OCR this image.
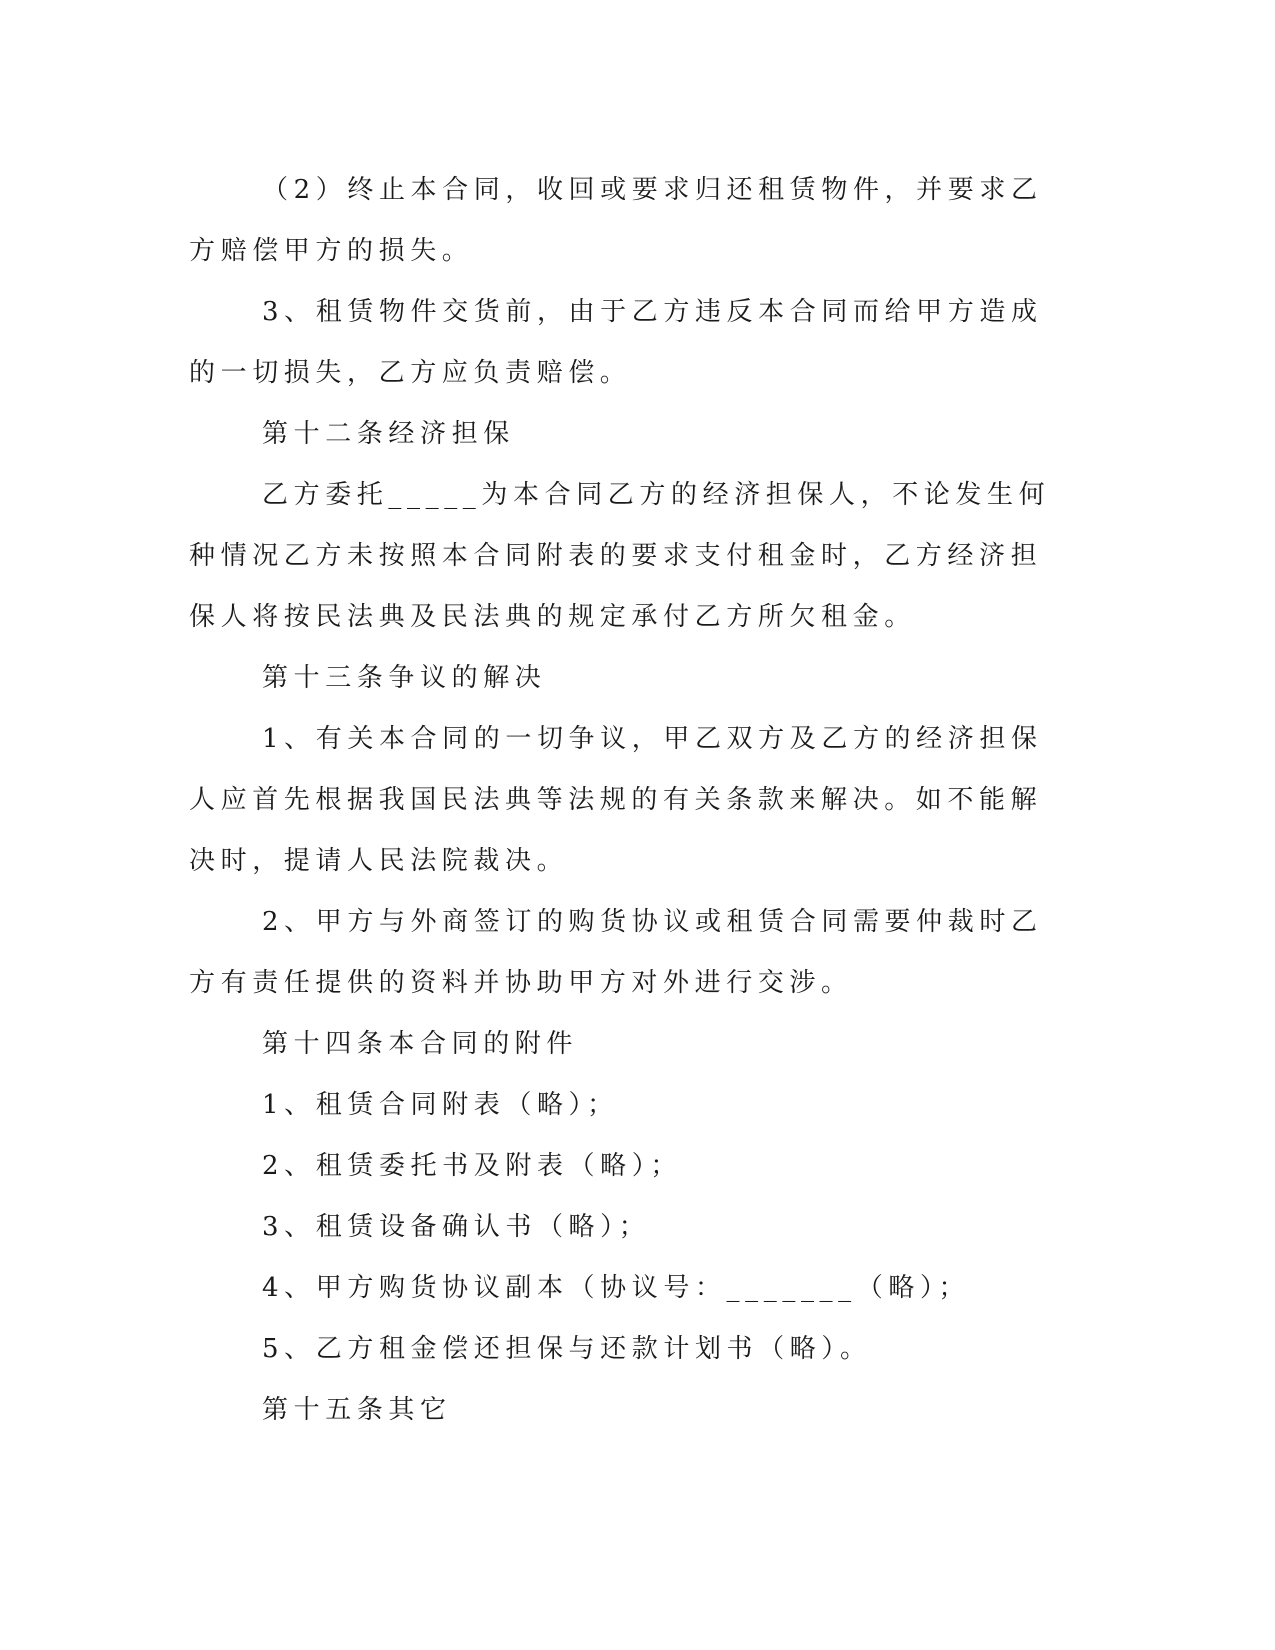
（2）终止本合同，收回或要求归还租赁物件，并要求乙方赔偿甲方的损失。

3、租赁物件交货前，由于乙方违反本合同而给甲方造成的一切损失，乙方应负责赔偿。

第十二条经济担保

乙方委托_____为本合同乙方的经济担保人，不论发生何种情况乙方未按照本合同附表的要求支付租金时，乙方经济担保人将按民法典及民法典的规定承付乙方所欠租金。

第十三条争议的解决

1、有关本合同的一切争议，甲乙双方及乙方的经济担保人应首先根据我国民法典等法规的有关条款来解决。如不能解决时，提请人民法院裁决。

2、甲方与外商签订的购货协议或租赁合同需要仲裁时乙方有责任提供的资料并协助甲方对外进行交涉。

第十四条本合同的附件

1、租赁合同附表（略）；

2、租赁委托书及附表（略）；

3、租赁设备确认书（略）；

4、甲方购货协议副本（协议号：_______（略）；

5、乙方租金偿还担保与还款计划书（略）。

第十五条其它
